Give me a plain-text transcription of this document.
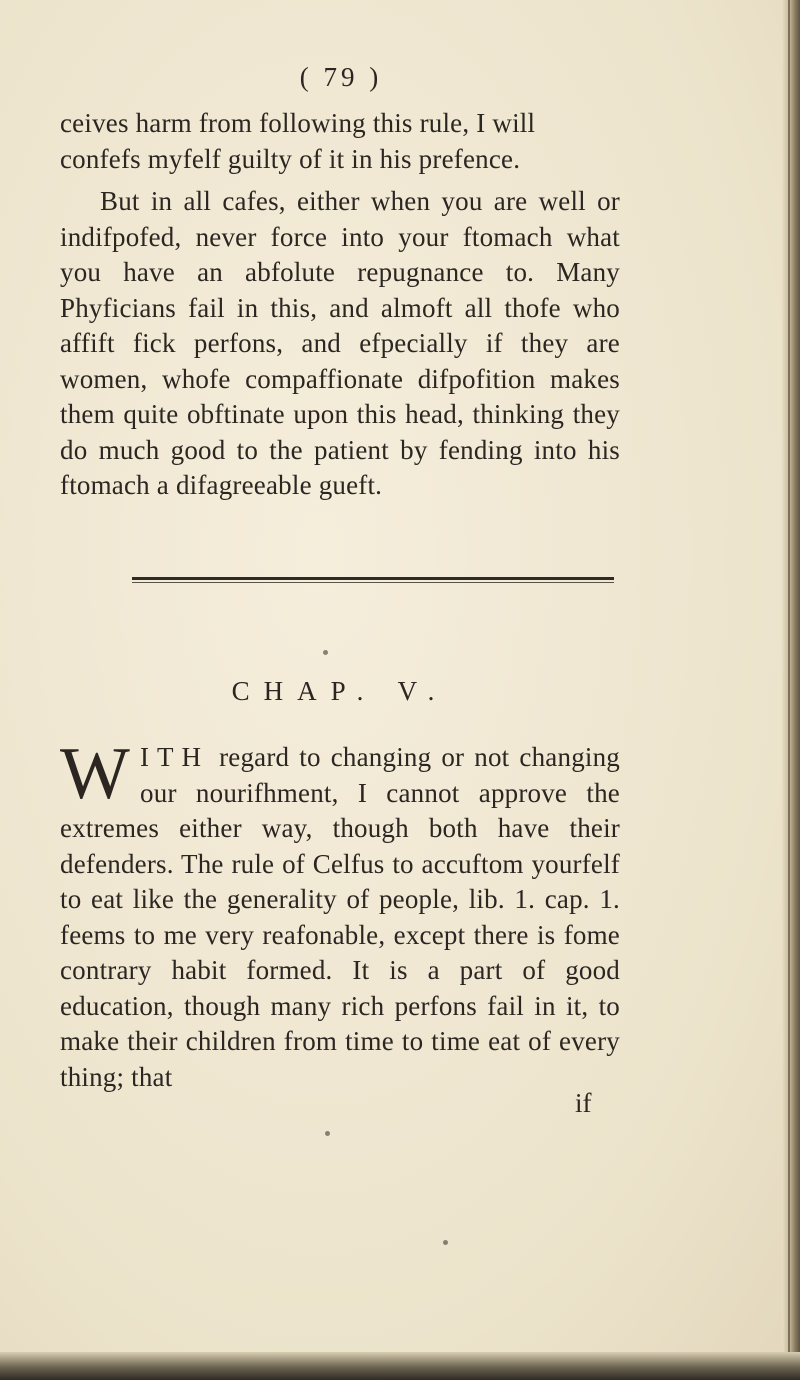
( 79 )
ceives harm from following this rule, I will confefs myfelf guilty of it in his prefence.
But in all cafes, either when you are well or indifpofed, never force into your ftomach what you have an abfolute repugnance to. Many Phyficians fail in this, and almoft all thofe who affift fick perfons, and efpecially if they are women, whofe compaffionate difpofition makes them quite obftinate upon this head, thinking they do much good to the patient by fending into his ftomach a difagreeable gueft.
CHAP. V.
W ITH regard to changing or not changing our nourifhment, I cannot approve the extremes either way, though both have their defenders. The rule of Celfus to accuftom yourfelf to eat like the generality of people, lib. 1. cap. 1. feems to me very reafonable, except there is fome contrary habit formed. It is a part of good education, though many rich perfons fail in it, to make their children from time to time eat of every thing; that
if
